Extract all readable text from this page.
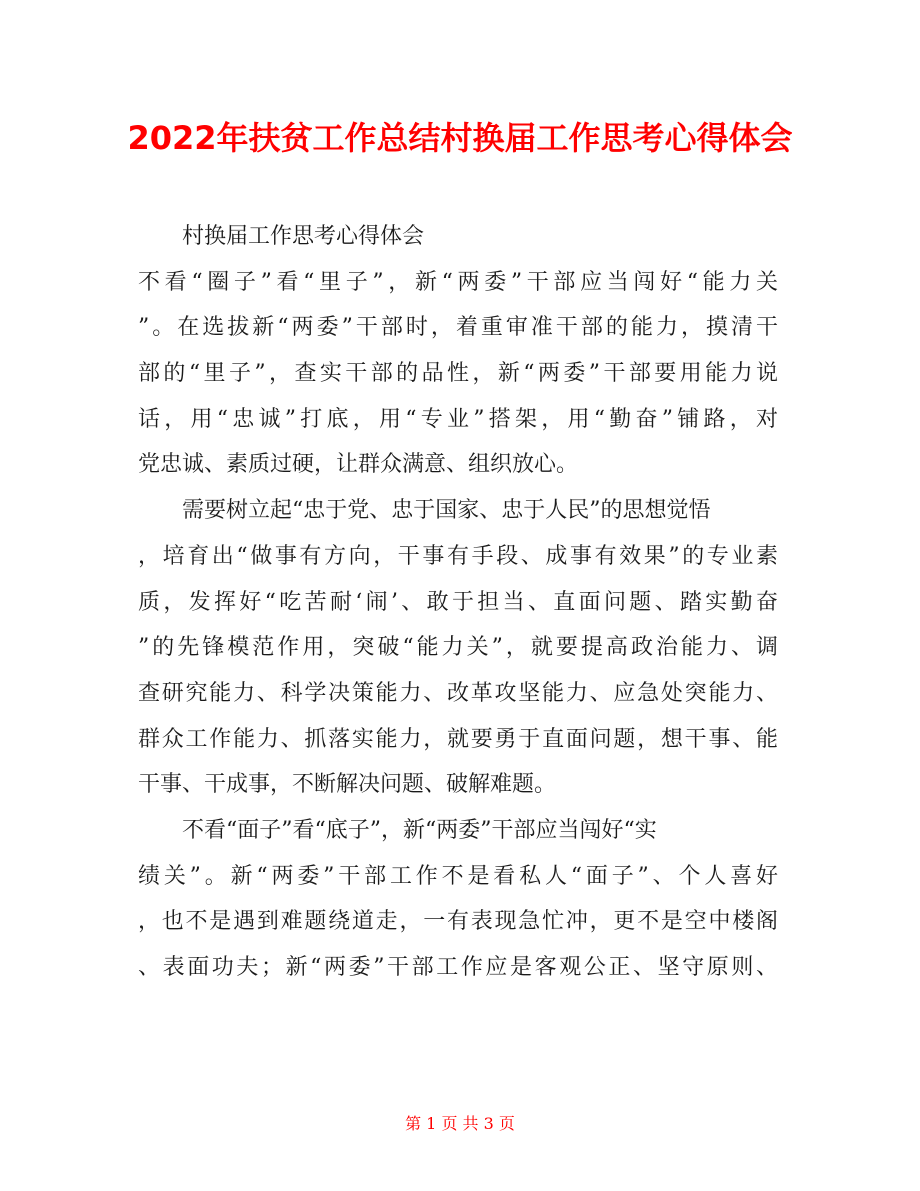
2022年扶贫工作总结村换届工作思考心得体会
村换届工作思考心得体会
不看“圈子”看“里子”，新“两委”干部应当闯好“能力关
”。在选拔新“两委”干部时，着重审准干部的能力，摸清干
部的“里子”，查实干部的品性，新“两委”干部要用能力说
话，用“忠诚”打底，用“专业”搭架，用“勤奋”铺路，对
党忠诚、素质过硬，让群众满意、组织放心。
需要树立起“忠于党、忠于国家、忠于人民”的思想觉悟
，培育出“做事有方向，干事有手段、成事有效果”的专业素
质，发挥好“吃苦耐‘闹’、敢于担当、直面问题、踏实勤奋
”的先锋模范作用，突破“能力关”，就要提高政治能力、调
查研究能力、科学决策能力、改革攻坚能力、应急处突能力、
群众工作能力、抓落实能力，就要勇于直面问题，想干事、能
干事、干成事，不断解决问题、破解难题。
不看“面子”看“底子”，新“两委”干部应当闯好“实
绩关”。新“两委”干部工作不是看私人“面子”、个人喜好
，也不是遇到难题绕道走，一有表现急忙冲，更不是空中楼阁
、表面功夫；新“两委”干部工作应是客观公正、坚守原则、
第 1 页 共 3 页
